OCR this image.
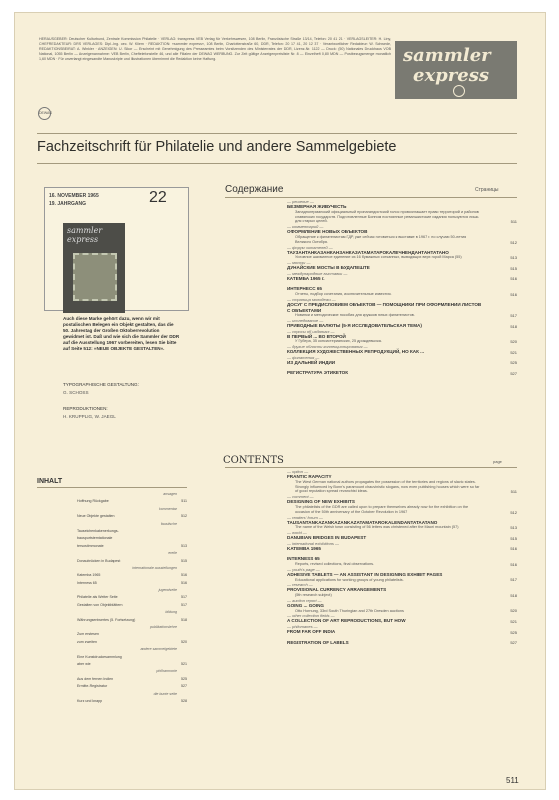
HERAUSGEBER: Deutscher Kulturbund, Zentrale Kommission Philatelie · VERLAG: transpress VEB Verlag für Verkehrswesen, 108 Berlin, Französische Straße 13/14, Telefon: 20 41 21 · VERLAGSLEITER: H. Liny, CHEFREDAKTEUR: DRS VERLAGES: Dipl.-Ing. oec. W. Kliem · REDAKTION: »sammler express«, 108 Berlin, Charlottenstraße 60, DDR, Telefon: 20 17 41, 20 12 37 · Verantwortlicher Redakteur: W. Schwede, REDAKTIONSBEIRAT: A. Winkler · ANZEIGEN: U. Sikor — Erscheint mit Genehmigung des Presseamtes beim Vorsitzenden des Ministerrates der DDR, Lizenz-Nr. 1122 — Druck: (50) Nationales Druckhaus VOB National, 1055 Berlin — Anzeigenannahme: VEB Berlin, Cheftelefonstelle 46, und alle Filialen der DEWAG WERBUNG. Zur Zeit gültige Anzeigenpreisliste Nr. 8 — Einzelheft 0,80 MDN — Postbezugsmenge monatlich 1,60 MDN · Für unverlangt eingesandte Manuskripte und Illustrationen übernimmt die Redaktion keine Haftung.
DEWAG
sammler
express
Fachzeitschrift für Philatelie und andere Sammelgebiete
16. NOVEMBER 1965
19. JAHRGANG	22
sammler
express
Auch diese Marke gehört dazu, wenn wir mit postalischen Belegen ein Objekt gestalten, das die 50. Jahrestag der Großen Oktoberrevolution gewidmet ist. Daß und wie sich die Sammler der DDR auf die Ausstellung 1967 vorbereiten, lesen Sie bitte auf Seite 512: »NEUE OBJEKTE GESTALTEN«.
TYPOGRAPHISCHE GESTALTUNG:
G. SCHOSS
REPRODUKTIONEN:
H. KRUPPLIG, W. JAEGL
INHALT
ansagen
Hoffnung Rückgabe	511
kommentar
Neue Objekte gestalten	512
faustische
Tauseichenkakenerkungs-
bauspurtstemtationale
tersostimmonate	513
ereile
Donaubrücken in Budapest	515
internationale ausstellungen
Katemba 1965	516
Interness 65	516
jugendseite
Philatelie als Weiter Seite	517
Gestalten von Objektblättern	517
bildung
Währungsentwertes (5. Fortsetzung)	518
publikationslehre
Zum erstesen
zum zweiten	520
andere sammelgebiete
Eine Kunstdruckesammlung
aber wie	521
philharmonie
Aus dem fernen Indien	525
Ermitte-Registratur	527
die bunte seite
Kurz und knapp	528
Содержание	Страницы
— решение —
БЕЗМЕРНАЯ ЖИВУЧЕСТЬ
Западногерманский официальный пропагандистский голос провозглашает право территорий и районов славянских государств. Подготовленные Бонном постоянные реваншистские издания пользуются лишь для старых целей.	511
— комментарий —
ОФОРМЛЕНИЕ НОВЫХ ОБЪЕКТОВ
Обращение к филателистам ГДР, уже сейчас готовиться к выставке в 1967 г. по случаю 50-летия Великого Октября.	512
— форум читателей —
ТАУЗАНТАНКАЗАНКАНЗАНКАЗАТАМАТАРОКАЛЕЧНЕНДАНТАНТАТАНО
Условное шахматное единение из 16 бумажных сотканных, выводящих верх горой Марса (55)	513
— мосты —
ДУНАЙСКИЕ МОСТЫ В БУДАПЕШТЕ	515
— международные выставки —
КАТЕМБА 1965 г.	516
ИНТЕРНЕСС 65
Отчеты, подбор сочетания, исключительные известия.	516
— страница молодежи —
ДОСУГ С ПРЕДИСЛОВИЕМ ОБЪЕКТОВ — ПОМОЩНИКИ ПРИ ОФОРМЛЕНИИ ЛИСТОВ С ОБЪЕКТАМИ
Новинки и методические пособия для кружков юных филателистов.	517
— исследование —
ПРИВОДНЫЕ ВАЛЮТЫ (5-Я ИССЛЕДОВАТЕЛЬСКАЯ ТЕМА)	518
— спросы об изданиях —
В ПЕРВЫЙ ... ВО ВТОРОЙ
У Губера, 35 консистерианских, 25 дрождевыхка.	520
— другие области коллекционирования —
КОЛЛЕКЦИЯ ХУДОЖЕСТВЕННЫХ РЕПРОДУКЦИЙ, НО КАК ...	521
— филателия —
ИЗ ДАЛЬНЕЙ ИНДИИ	525
РЕГИСТРАТУРА ЭТИКЕТОК	527
CONTENTS	page
— option —
FRANTIC RAPACITY
The West German national authors propagates the possession of the territories and regions of slavic states. Strongly influenced by Bonn's paramount chauvinistic slogans, now even publishing houses which were so far of good reputation spread revanchist ideas.	511
— comment —
DESIGNING OF NEW EXHIBITS
The philatelists of the GDR are called upon to prepare themselves already now for the exhibition on the occasion of the 50th anniversary of the October Revolution in 1967	512
— readers' forum —
TAUSANTANKAZANKAZANKAZATAMATAROKALENDANTATAATANO
The name of the Welsh town consisting of 56 letters was christened after the Maori mountain (57)	513
— world —
DANUBIAN BRIDGES IN BUDAPEST	515
— international exhibitions —
KATEMBA 1965	516
INTERNESS 65
Reports, revised collections, final observations.	516
— youth's page —
ADHESIVE TABLETS — AN ASSISTANT IN DESIGNING EXHIBIT PAGES
Educational applications for working groups of young philatelists.	517
— research —
PROVISIONAL CURRENCY ARRANGEMENTS
(5th research subject)	518
— auction report —
GOING ... GOING
Otto Hornung, 33rd South Thuringian and 27th Dresden auctions	520
— other collection fields —
A COLLECTION OF ART REPRODUCTIONS, BUT HOW	521
— philomanes —
FROM FAR OFF INDIA	525
REGISTRATION OF LABELS	527
511
